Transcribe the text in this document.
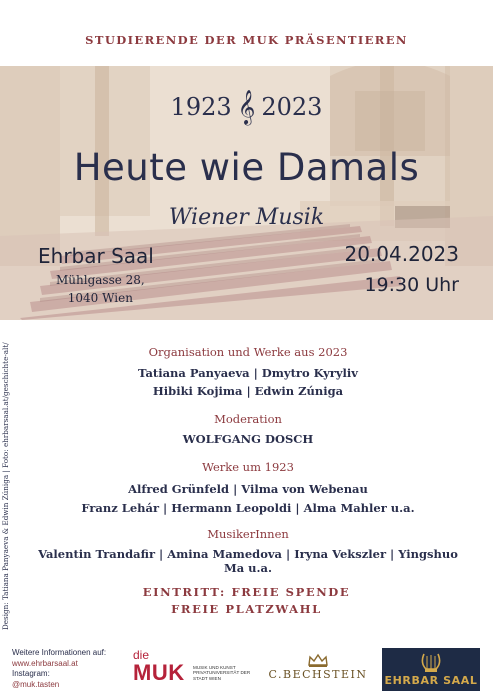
STUDIERENDE DER MUK PRÄSENTIEREN
1923 𝄞 2023
Heute wie Damals
Wiener Musik
Ehrbar Saal
Mühlgasse 28,
1040 Wien
20.04.2023
19:30 Uhr
Design: Tatiana Panyaeva & Edwin Zúniga | Foto: ehrbarsaal.at/geschichte-alt/	Organisation und Werke aus 2023
Tatiana Panyaeva | Dmytro Kyryliv
Hibiki Kojima | Edwin Zúniga
Moderation
WOLFGANG DOSCH
Werke um 1923
Alfred Grünfeld | Vilma von Webenau
Franz Lehár | Hermann Leopoldi | Alma Mahler u.a.
MusikerInnen
Valentin Trandafir | Amina Mamedova | Iryna Vekszler | Yingshuo Ma u.a.
EINTRITT: FREIE SPENDE
FREIE PLATZWAHL
Weitere Informationen auf:
www.ehrbarsaal.at
Instagram:
@muk.tasten
die
MUK MUSIK UND KUNST PRIVATUNIVERSITÄT DER STADT WIEN	C.BECHSTEIN EHRBAR SAAL
